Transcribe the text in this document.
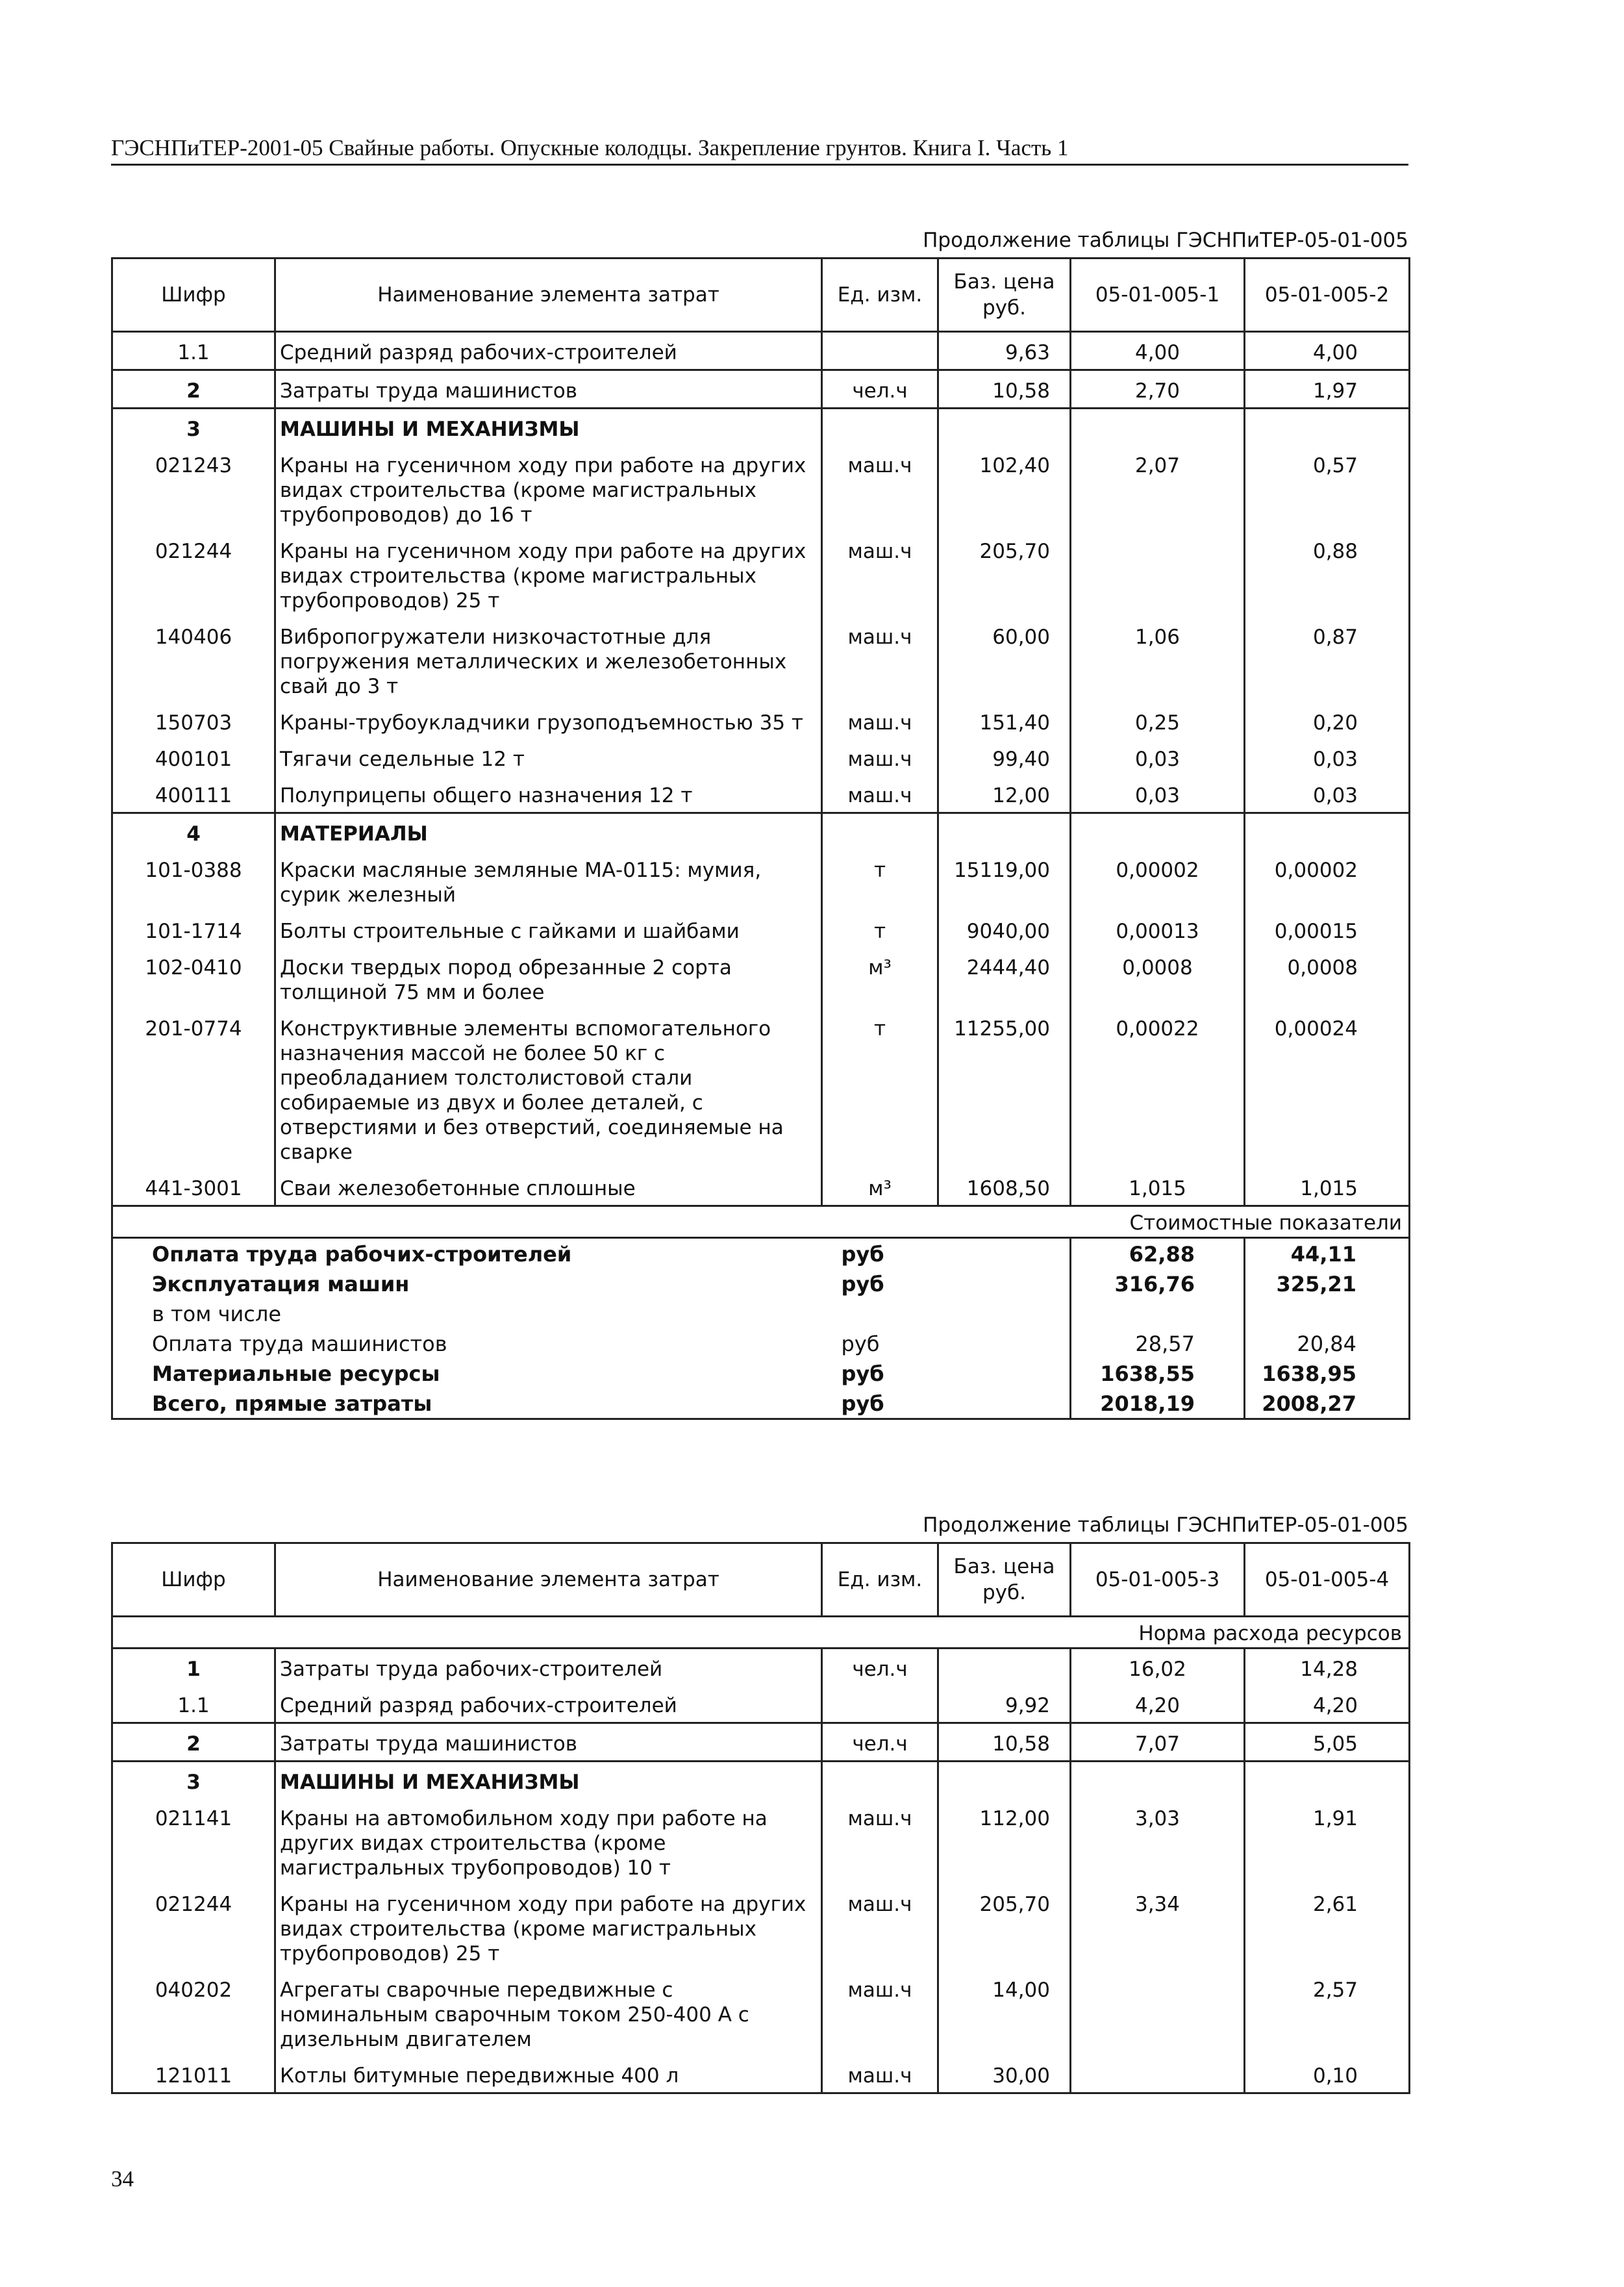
ГЭСНПиТЕР-2001-05 Свайные работы. Опускные колодцы. Закрепление грунтов. Книга I. Часть 1
Продолжение таблицы ГЭСНПиТЕР-05-01-005
Шифр	Наименование элемента затрат	Ед. изм.	Баз. цена руб.	05-01-005-1	05-01-005-2
1.1	Средний разряд рабочих-строителей		9,63	4,00	4,00
2	Затраты труда машинистов	чел.ч	10,58	2,70	1,97
3	МАШИНЫ И МЕХАНИЗМЫ				
021243	Краны на гусеничном ходу при работе на других видах строительства (кроме магистральных трубопроводов) до 16 т	маш.ч	102,40	2,07	0,57
021244	Краны на гусеничном ходу при работе на других видах строительства (кроме магистральных трубопроводов) 25 т	маш.ч	205,70		0,88
140406	Вибропогружатели низкочастотные для погружения металлических и железобетонных свай до 3 т	маш.ч	60,00	1,06	0,87
150703	Краны-трубоукладчики грузоподъемностью 35 т	маш.ч	151,40	0,25	0,20
400101	Тягачи седельные 12 т	маш.ч	99,40	0,03	0,03
400111	Полуприцепы общего назначения 12 т	маш.ч	12,00	0,03	0,03
4	МАТЕРИАЛЫ				
101-0388	Краски масляные земляные МА-0115: мумия, сурик железный	т	15119,00	0,00002	0,00002
101-1714	Болты строительные с гайками и шайбами	т	9040,00	0,00013	0,00015
102-0410	Доски твердых пород обрезанные 2 сорта толщиной 75 мм и более	м³	2444,40	0,0008	0,0008
201-0774	Конструктивные элементы вспомогательного назначения массой не более 50 кг с преобладанием толстолистовой стали собираемые из двух и более деталей, с отверстиями и без отверстий, соединяемые на сварке	т	11255,00	0,00022	0,00024
441-3001	Сваи железобетонные сплошные	м³	1608,50	1,015	1,015
Стоимостные показатели					
Оплата труда рабочих-строителей		руб		62,88	44,11
Эксплуатация машин		руб		316,76	325,21
в том числе					
Оплата труда машинистов		руб		28,57	20,84
Материальные ресурсы		руб		1638,55	1638,95
Всего, прямые затраты		руб		2018,19	2008,27
Продолжение таблицы ГЭСНПиТЕР-05-01-005
Шифр	Наименование элемента затрат	Ед. изм.	Баз. цена руб.	05-01-005-3	05-01-005-4
Норма расхода ресурсов					
1	Затраты труда рабочих-строителей	чел.ч		16,02	14,28
1.1	Средний разряд рабочих-строителей		9,92	4,20	4,20
2	Затраты труда машинистов	чел.ч	10,58	7,07	5,05
3	МАШИНЫ И МЕХАНИЗМЫ				
021141	Краны на автомобильном ходу при работе на других видах строительства (кроме магистральных трубопроводов) 10 т	маш.ч	112,00	3,03	1,91
021244	Краны на гусеничном ходу при работе на других видах строительства (кроме магистральных трубопроводов) 25 т	маш.ч	205,70	3,34	2,61
040202	Агрегаты сварочные передвижные с номинальным сварочным током 250-400 А с дизельным двигателем	маш.ч	14,00		2,57
121011	Котлы битумные передвижные 400 л	маш.ч	30,00		0,10
34
